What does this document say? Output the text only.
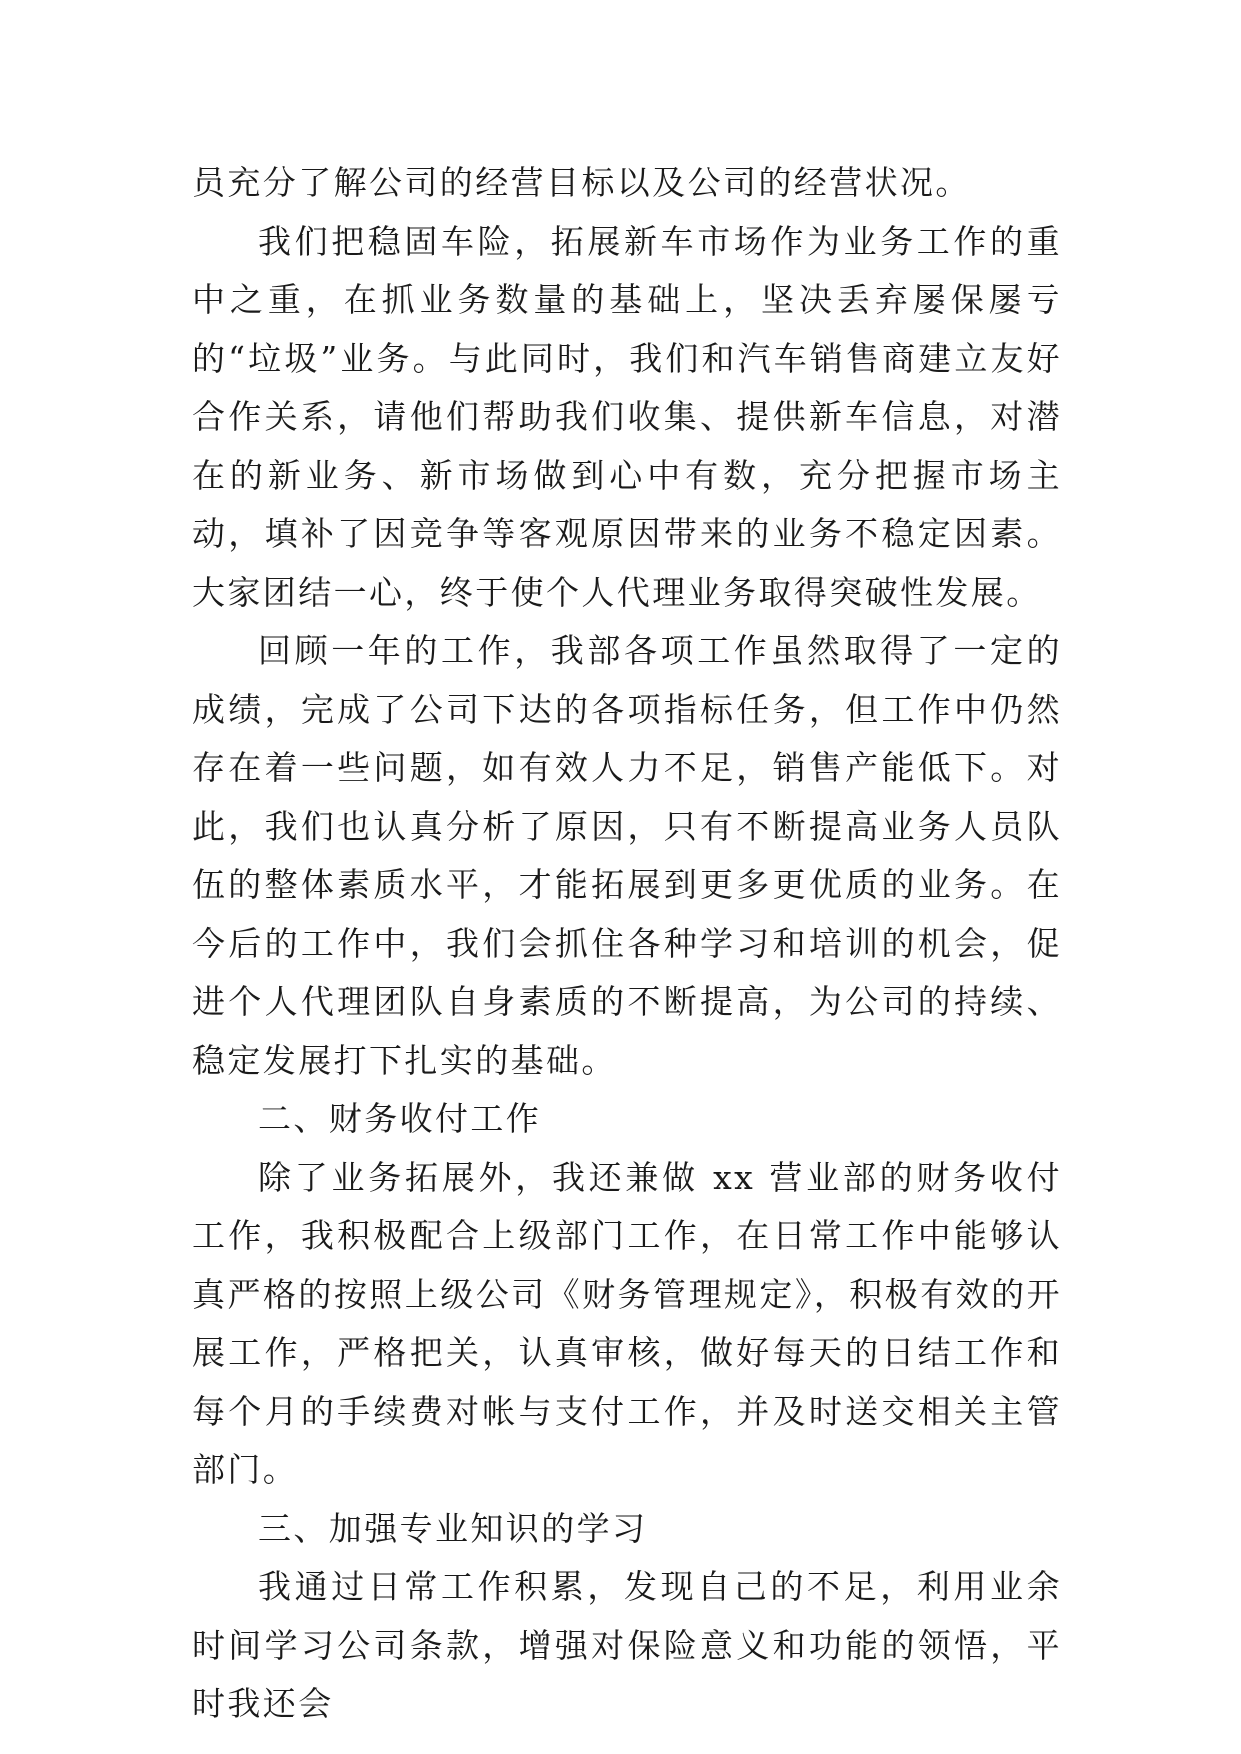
员充分了解公司的经营目标以及公司的经营状况。

我们把稳固车险，拓展新车市场作为业务工作的重中之重，在抓业务数量的基础上，坚决丢弃屡保屡亏的“垃圾”业务。与此同时，我们和汽车销售商建立友好合作关系，请他们帮助我们收集、提供新车信息，对潜在的新业务、新市场做到心中有数，充分把握市场主动，填补了因竞争等客观原因带来的业务不稳定因素。大家团结一心，终于使个人代理业务取得突破性发展。

回顾一年的工作，我部各项工作虽然取得了一定的成绩，完成了公司下达的各项指标任务，但工作中仍然存在着一些问题，如有效人力不足，销售产能低下。对此，我们也认真分析了原因，只有不断提高业务人员队伍的整体素质水平，才能拓展到更多更优质的业务。在今后的工作中，我们会抓住各种学习和培训的机会，促进个人代理团队自身素质的不断提高，为公司的持续、稳定发展打下扎实的基础。

二、财务收付工作

除了业务拓展外，我还兼做 xx 营业部的财务收付工作，我积极配合上级部门工作，在日常工作中能够认真严格的按照上级公司《财务管理规定》，积极有效的开展工作，严格把关，认真审核，做好每天的日结工作和每个月的手续费对帐与支付工作，并及时送交相关主管部门。

三、加强专业知识的学习

我通过日常工作积累，发现自己的不足，利用业余时间学习公司条款，增强对保险意义和功能的领悟，平时我还会
